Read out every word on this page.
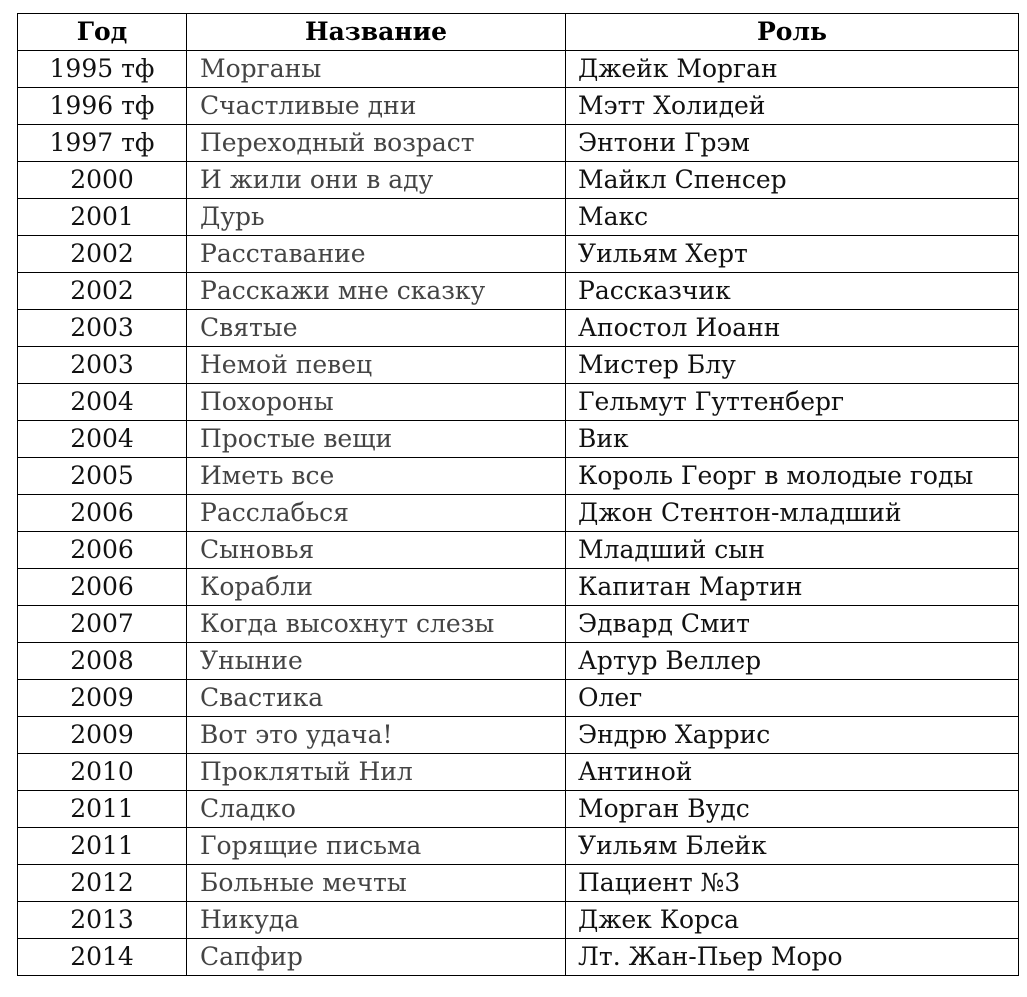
Год	Название	Роль
1995 тф	Морганы	Джейк Морган
1996 тф	Счастливые дни	Мэтт Холидей
1997 тф	Переходный возраст	Энтони Грэм
2000	И жили они в аду	Майкл Спенсер
2001	Дурь	Макс
2002	Расставание	Уильям Херт
2002	Расскажи мне сказку	Рассказчик
2003	Святые	Апостол Иоанн
2003	Немой певец	Мистер Блу
2004	Похороны	Гельмут Гуттенберг
2004	Простые вещи	Вик
2005	Иметь все	Король Георг в молодые годы
2006	Расслабься	Джон Стентон-младший
2006	Сыновья	Младший сын
2006	Корабли	Капитан Мартин
2007	Когда высохнут слезы	Эдвард Смит
2008	Уныние	Артур Веллер
2009	Свастика	Олег
2009	Вот это удача!	Эндрю Харрис
2010	Проклятый Нил	Антиной
2011	Сладко	Морган Вудс
2011	Горящие письма	Уильям Блейк
2012	Больные мечты	Пациент №3
2013	Никуда	Джек Корса
2014	Сапфир	Лт. Жан-Пьер Моро
